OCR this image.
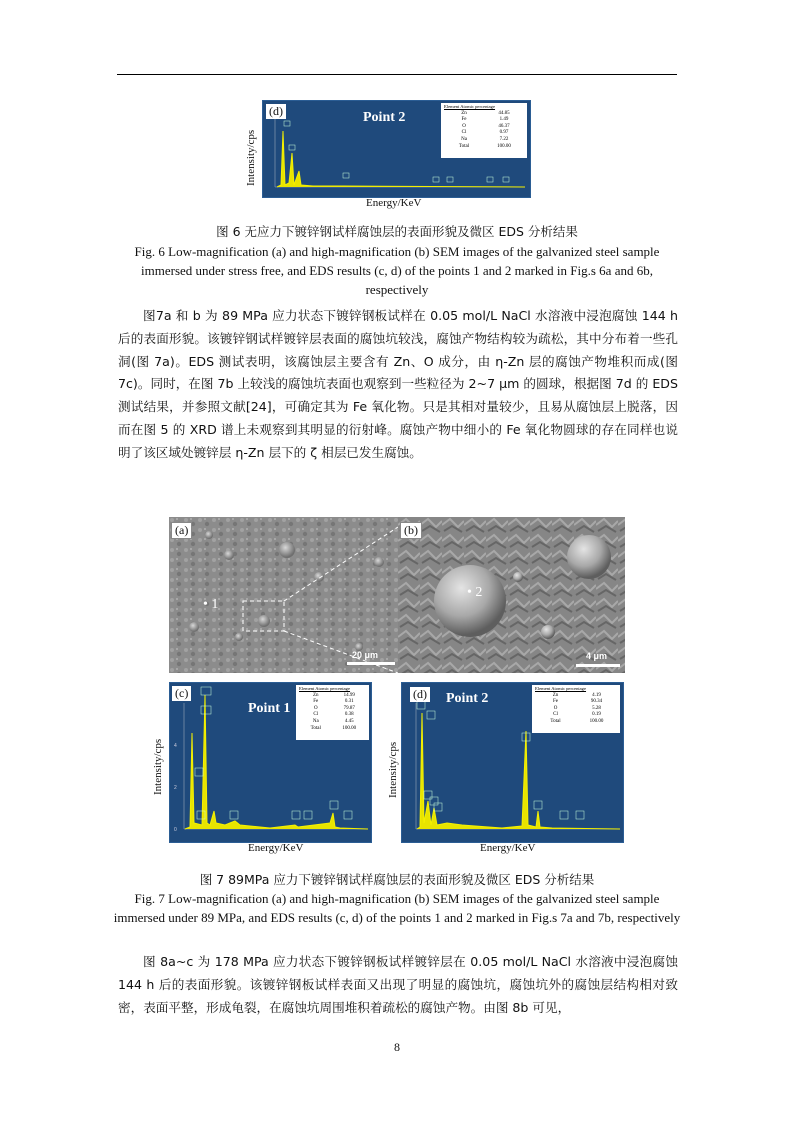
Intensity/cps
(d)	Point 2
Element Atomic percentage
Zn	44.85
Fe	1.49
O	46.37
Cl	0.97
Na	7.22
Total	100.00
Energy/KeV
图 6 无应力下镀锌钢试样腐蚀层的表面形貌及微区 EDS 分析结果
Fig. 6 Low-magnification (a) and high-magnification (b) SEM images of the galvanized steel sample immersed under stress free, and EDS results (c, d) of the points 1 and 2 marked in Fig.s 6a and 6b, respectively
图7a 和 b 为 89 MPa 应力状态下镀锌钢板试样在 0.05 mol/L NaCl 水溶液中浸泡腐蚀 144 h 后的表面形貌。该镀锌钢试样镀锌层表面的腐蚀坑较浅，腐蚀产物结构较为疏松，其中分布着一些孔洞(图 7a)。EDS 测试表明，该腐蚀层主要含有 Zn、O 成分，由 η-Zn 层的腐蚀产物堆积而成(图 7c)。同时，在图 7b 上较浅的腐蚀坑表面也观察到一些粒径为 2~7 μm 的圆球，根据图 7d 的 EDS 测试结果，并参照文献[24]，可确定其为 Fe 氧化物。只是其相对量较少，且易从腐蚀层上脱落，因而在图 5 的 XRD 谱上未观察到其明显的衍射峰。腐蚀产物中细小的 Fe 氧化物圆球的存在同样也说明了该区域处镀锌层 η-Zn 层下的 ζ 相层已发生腐蚀。
(a)
• 1
20 μm
(b)
• 2
4 μm
Intensity/cps 4
2
0
(c)
Point 1
Element Atomic percentage
Zn	14.99
Fe	0.31
O	79.87
Cl	0.38
Na	4.45
Total	100.00
Energy/KeV
Intensity/cps
(d) Point 2
Element Atomic percentage
Zn	4.19
Fe	90.34
O	5.28
Cl	0.19
Total	100.00
Energy/KeV
图 7 89MPa 应力下镀锌钢试样腐蚀层的表面形貌及微区 EDS 分析结果
Fig. 7 Low-magnification (a) and high-magnification (b) SEM images of the galvanized steel sample immersed under 89 MPa, and EDS results (c, d) of the points 1 and 2 marked in Fig.s 7a and 7b, respectively
图 8a~c 为 178 MPa 应力状态下镀锌钢板试样镀锌层在 0.05 mol/L NaCl 水溶液中浸泡腐蚀 144 h 后的表面形貌。该镀锌钢板试样表面又出现了明显的腐蚀坑，腐蚀坑外的腐蚀层结构相对致密，表面平整，形成龟裂，在腐蚀坑周围堆积着疏松的腐蚀产物。由图 8b 可见，
8
